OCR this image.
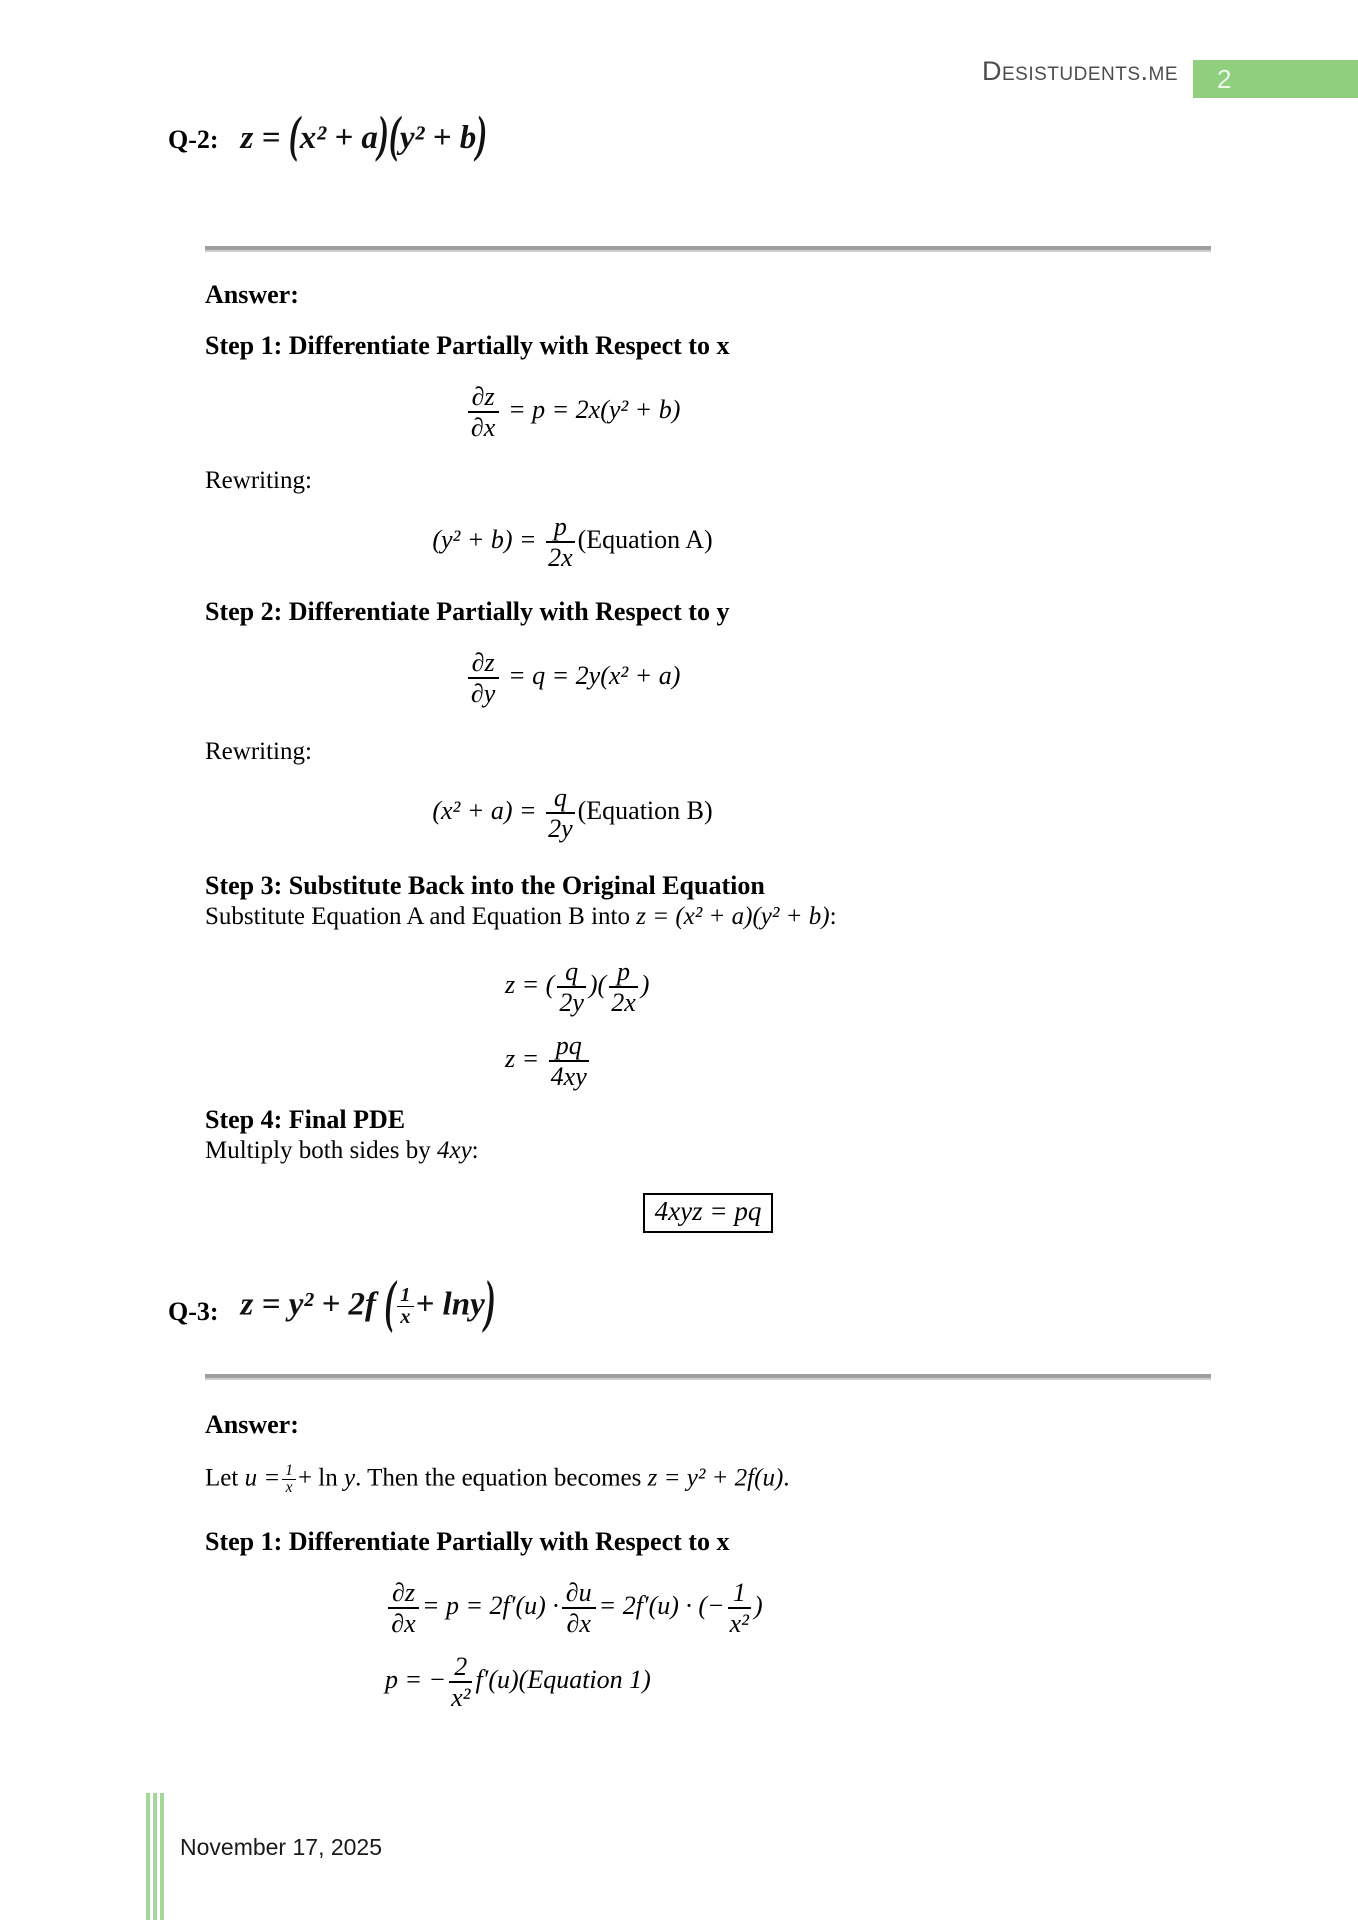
Desistudents.me	2
Q-2: z = (x² + a)(y² + b)
Answer:
Step 1: Differentiate Partially with Respect to x
$\frac{\partial z}{\partial x} = p = 2x(y^2 + b)$
Rewriting:
$(y^2 + b) = \frac{p}{2x}$ (Equation A)
Step 2: Differentiate Partially with Respect to y
$\frac{\partial z}{\partial y} = q = 2y(x^2 + a)$
Rewriting:
$(x^2 + a) = \frac{q}{2y}$ (Equation B)
Step 3: Substitute Back into the Original Equation
Substitute Equation A and Equation B into z = (x² + a)(y² + b):
z = ( $\frac{q}{2y}$ )( $\frac{p}{2x}$ )
$z = \frac{pq}{4xy}$
Step 4: Final PDE
Multiply both sides by 4xy:
4xyz = pq
Q-3: z = y² + 2f ( $\frac{1}{x} + \ln y$)
Answer:
Let $u = \frac{1}{x} + \ln y$. Then the equation becomes z = y² + 2f(u).
Step 1: Differentiate Partially with Respect to x
$\frac{\partial z}{\partial x} = p = 2f'(u) \cdot \frac{\partial u}{\partial x} = 2f'(u)$ · (− $\frac{1}{\text{x²}}$ )
p = − $\frac{2}{\text{x²}}$ f′(u)(Equation 1)
November 17, 2025
